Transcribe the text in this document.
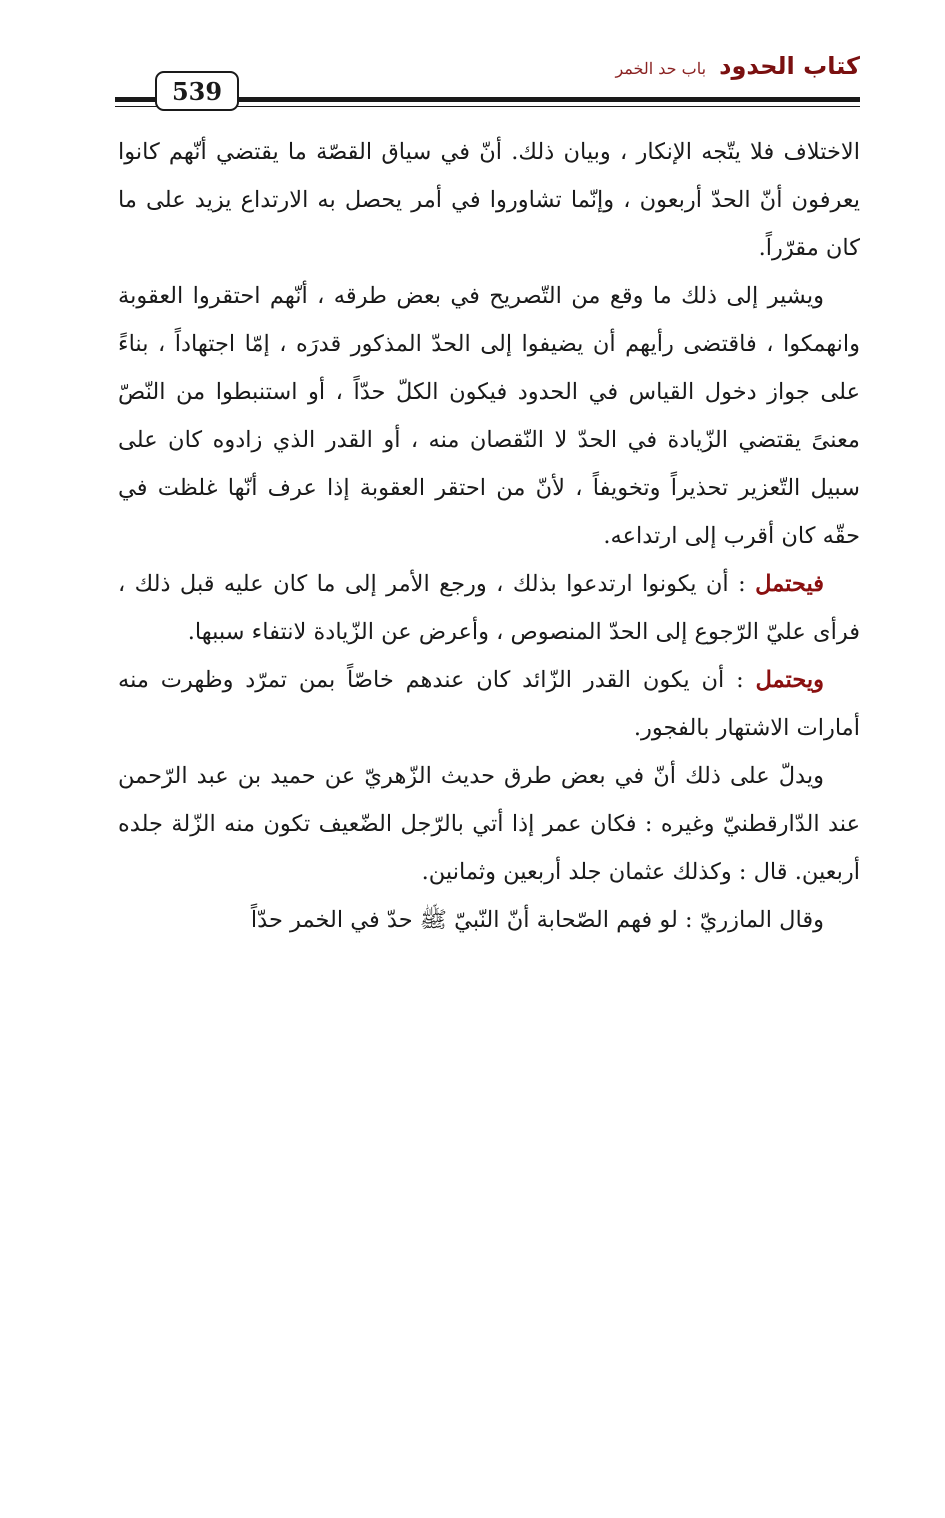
كتاب الحدود باب حد الخمر
539

الاختلاف فلا يتّجه الإنكار ، وبيان ذلك. أنّ في سياق القصّة ما يقتضي أنّهم كانوا يعرفون أنّ الحدّ أربعون ، وإنّما تشاوروا في أمر يحصل به الارتداع يزيد على ما كان مقرّراً.

ويشير إلى ذلك ما وقع من التّصريح في بعض طرقه ، أنّهم احتقروا العقوبة وانهمكوا ، فاقتضى رأيهم أن يضيفوا إلى الحدّ المذكور قدرَه ، إمّا اجتهاداً ، بناءً على جواز دخول القياس في الحدود فيكون الكلّ حدّاً ، أو استنبطوا من النّصّ معنىً يقتضي الزّيادة في الحدّ لا النّقصان منه ، أو القدر الذي زادوه كان على سبيل التّعزير تحذيراً وتخويفاً ، لأنّ من احتقر العقوبة إذا عرف أنّها غلظت في حقّه كان أقرب إلى ارتداعه.

فيحتمل : أن يكونوا ارتدعوا بذلك ، ورجع الأمر إلى ما كان عليه قبل ذلك ، فرأى عليّ الرّجوع إلى الحدّ المنصوص ، وأعرض عن الزّيادة لانتفاء سببها.

ويحتمل : أن يكون القدر الزّائد كان عندهم خاصّاً بمن تمرّد وظهرت منه أمارات الاشتهار بالفجور.

ويدلّ على ذلك أنّ في بعض طرق حديث الزّهريّ عن حميد بن عبد الرّحمن عند الدّارقطنيّ وغيره : فكان عمر إذا أتي بالرّجل الضّعيف تكون منه الزّلة جلده أربعين. قال : وكذلك عثمان جلد أربعين وثمانين.

وقال المازريّ : لو فهم الصّحابة أنّ النّبيّ ﷺ حدّ في الخمر حدّاً
